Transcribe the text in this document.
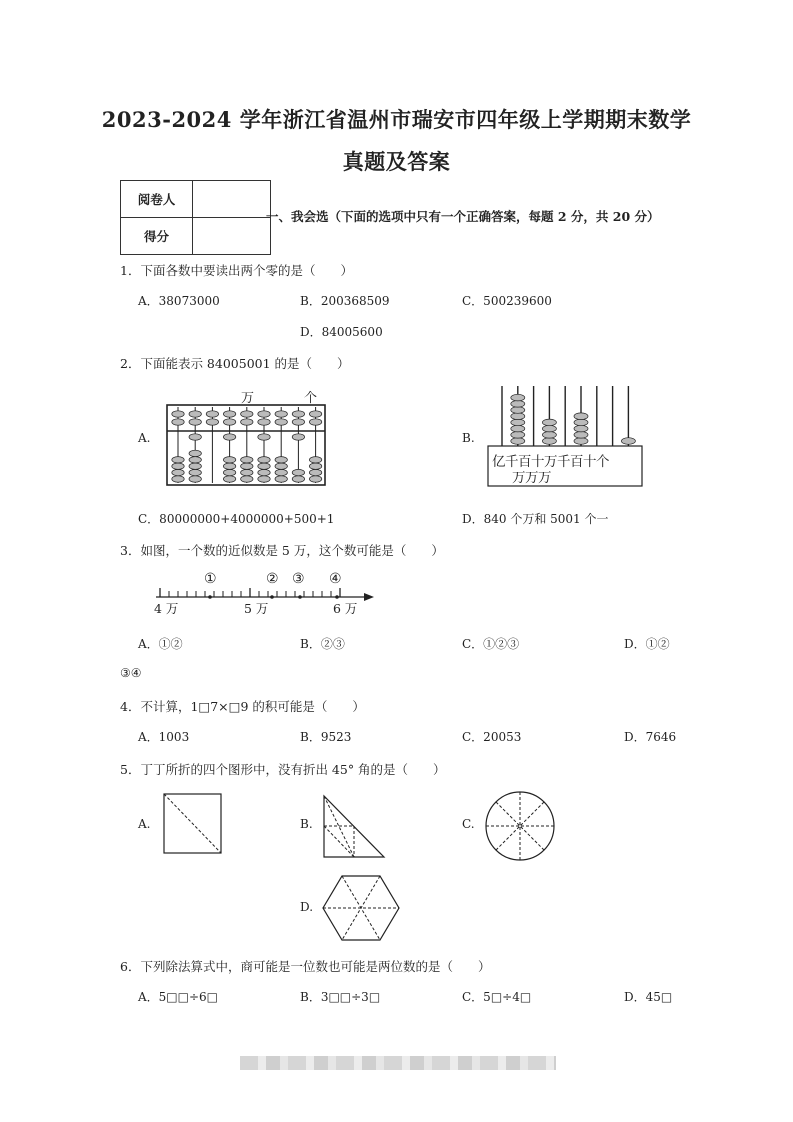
2023-2024 学年浙江省温州市瑞安市四年级上学期期末数学
真题及答案
阅卷人	
得分	
一、我会选（下面的选项中只有一个正确答案，每题 2 分，共 20 分）
1．下面各数中要读出两个零的是（　　）
A．38073000	B．200368509	C．500239600
D．84005600
2．下面能表示 84005001 的是（　　）
A.
万	个
B.
亿千百十万千百十个
万万万
C．80000000+4000000+500+1	D．840 个万和 5001 个一
3．如图，一个数的近似数是 5 万，这个数可能是（　　）
①	② ③ ④
4 万	5 万	6 万
A．①②	B．②③	C．①②③	D．①②
③④
4．不计算，1□7×□9 的积可能是（　　）
A．1003	B．9523	C．20053	D．7646
5．丁丁所折的四个图形中，没有折出 45° 角的是（　　）
A.	B.	C.
D.
6．下列除法算式中，商可能是一位数也可能是两位数的是（　　）
A．5□□÷6□	B．3□□÷3□	C．5□÷4□	D．45□
